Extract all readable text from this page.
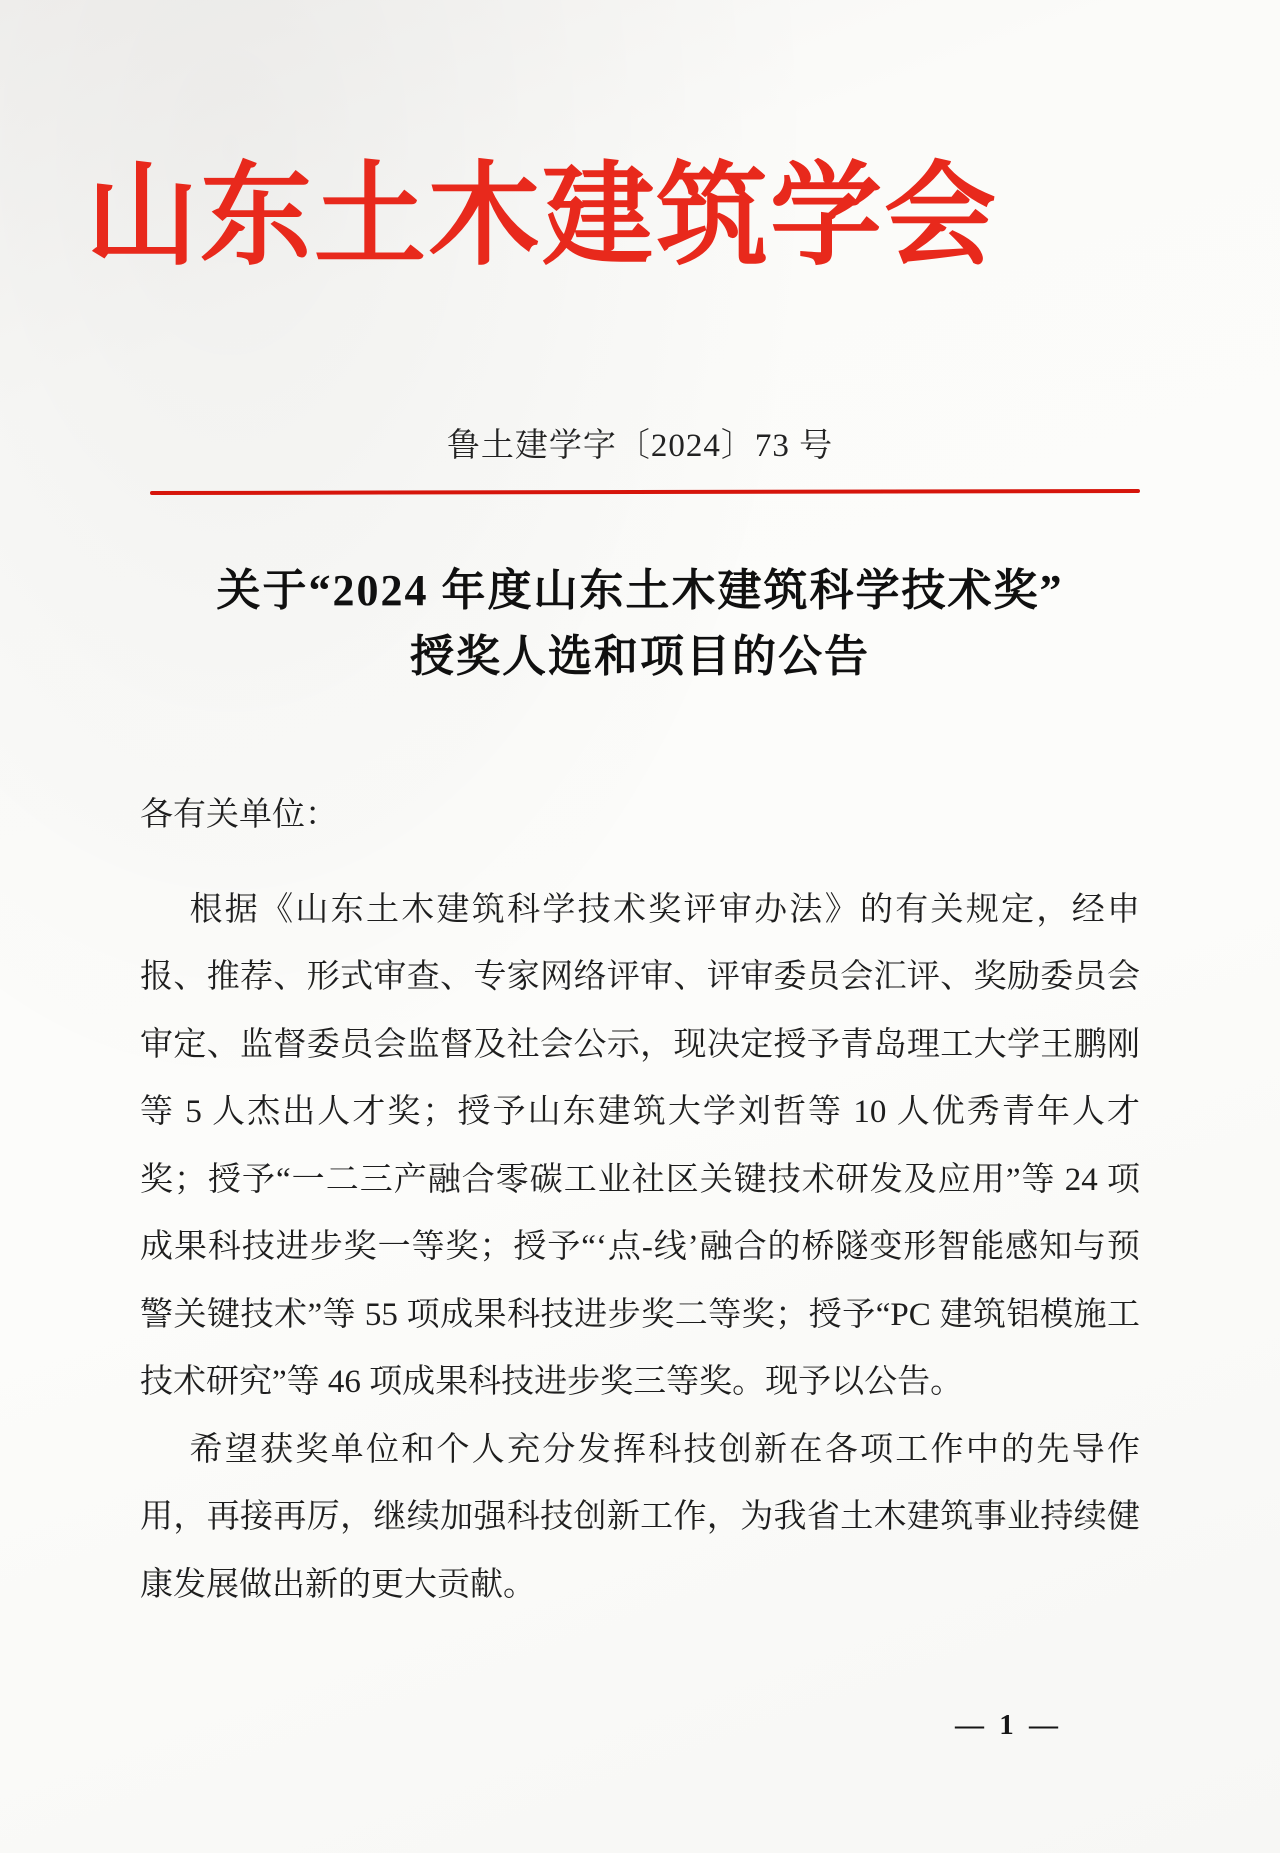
山东土木建筑学会
鲁土建学字〔2024〕73 号
关于“2024 年度山东土木建筑科学技术奖”
授奖人选和项目的公告

各有关单位：

根据《山东土木建筑科学技术奖评审办法》的有关规定，经申报、推荐、形式审查、专家网络评审、评审委员会汇评、奖励委员会审定、监督委员会监督及社会公示，现决定授予青岛理工大学王鹏刚等 5 人杰出人才奖；授予山东建筑大学刘哲等 10 人优秀青年人才奖；授予“一二三产融合零碳工业社区关键技术研发及应用”等 24 项成果科技进步奖一等奖；授予“‘点-线’融合的桥隧变形智能感知与预警关键技术”等 55 项成果科技进步奖二等奖；授予“PC 建筑铝模施工技术研究”等 46 项成果科技进步奖三等奖。现予以公告。

希望获奖单位和个人充分发挥科技创新在各项工作中的先导作用，再接再厉，继续加强科技创新工作，为我省土木建筑事业持续健康发展做出新的更大贡献。

— 1 —
